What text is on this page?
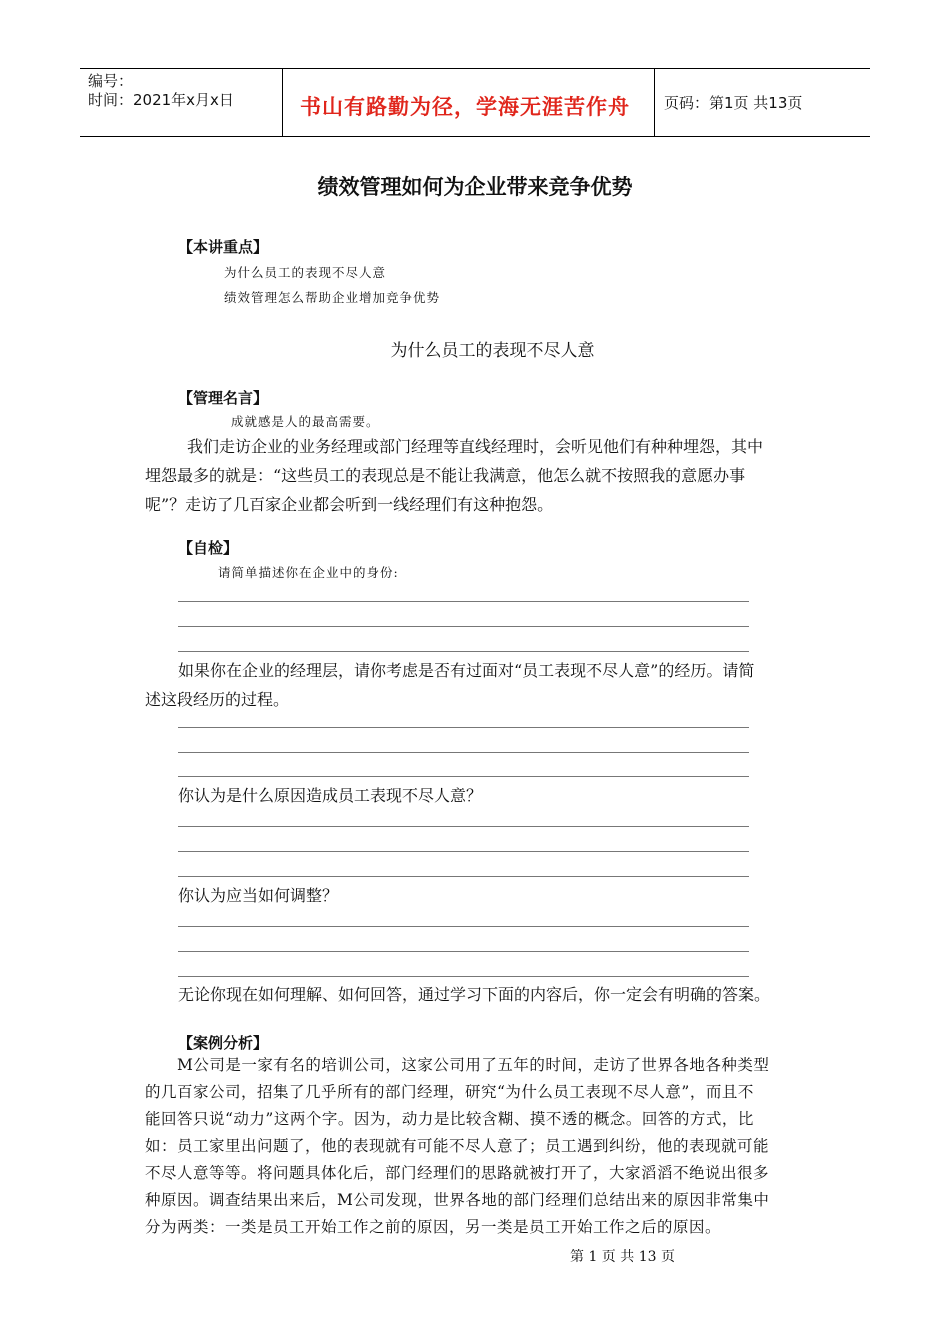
编号：
时间：2021年x月x日	书山有路勤为径，学海无涯苦作舟 页码：第1页 共13页
绩效管理如何为企业带来竞争优势
【本讲重点】
为什么员工的表现不尽人意
绩效管理怎么帮助企业增加竞争优势
为什么员工的表现不尽人意
【管理名言】
成就感是人的最高需要。
我们走访企业的业务经理或部门经理等直线经理时，会听见他们有种种埋怨，其中
埋怨最多的就是：“这些员工的表现总是不能让我满意，他怎么就不按照我的意愿办事
呢”？走访了几百家企业都会听到一线经理们有这种抱怨。
【自检】
请简单描述你在企业中的身份:
如果你在企业的经理层，请你考虑是否有过面对“员工表现不尽人意”的经历。请简
述这段经历的过程。
你认为是什么原因造成员工表现不尽人意？
你认为应当如何调整？
无论你现在如何理解、如何回答，通过学习下面的内容后，你一定会有明确的答案。
【案例分析】
M公司是一家有名的培训公司，这家公司用了五年的时间，走访了世界各地各种类型
的几百家公司，招集了几乎所有的部门经理，研究“为什么员工表现不尽人意”，而且不
能回答只说“动力”这两个字。因为，动力是比较含糊、摸不透的概念。回答的方式，比
如：员工家里出问题了，他的表现就有可能不尽人意了；员工遇到纠纷，他的表现就可能
不尽人意等等。将问题具体化后，部门经理们的思路就被打开了，大家滔滔不绝说出很多
种原因。调查结果出来后，M公司发现，世界各地的部门经理们总结出来的原因非常集中
分为两类：一类是员工开始工作之前的原因，另一类是员工开始工作之后的原因。
第 1 页 共 13 页
